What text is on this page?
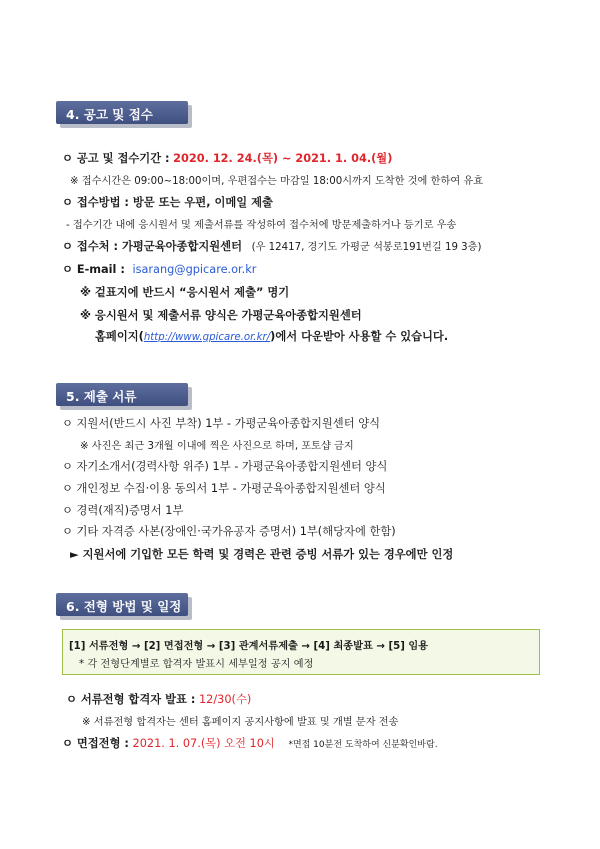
4. 공고 및 접수
ㅇ 공고 및 접수기간 : 2020. 12. 24.(목) ~ 2021. 1. 04.(월)
※ 접수시간은 09:00~18:00이며, 우편접수는 마감일 18:00시까지 도착한 것에 한하여 유효
ㅇ 접수방법 : 방문 또는 우편, 이메일 제출
- 접수기간 내에 응시원서 및 제출서류를 작성하여 접수처에 방문제출하거나 등기로 우송
ㅇ 접수처 : 가평군육아종합지원센터 (우 12417, 경기도 가평군 석봉로191번길 19 3층)
ㅇ E-mail : isarang@gpicare.or.kr
※ 겉표지에 반드시 “응시원서 제출” 명기
※ 응시원서 및 제출서류 양식은 가평군육아종합지원센터
홈페이지(http://www.gpicare.or.kr/)에서 다운받아 사용할 수 있습니다.
5. 제출 서류
ㅇ 지원서(반드시 사진 부착) 1부 - 가평군육아종합지원센터 양식
※ 사진은 최근 3개월 이내에 찍은 사진으로 하며, 포토샵 금지
ㅇ 자기소개서(경력사항 위주) 1부 - 가평군육아종합지원센터 양식
ㅇ 개인정보 수집·이용 동의서 1부 - 가평군육아종합지원센터 양식
ㅇ 경력(재직)증명서 1부
ㅇ 기타 자격증 사본(장애인·국가유공자 증명서) 1부(해당자에 한함)
► 지원서에 기입한 모든 학력 및 경력은 관련 증빙 서류가 있는 경우에만 인정
6. 전형 방법 및 일정
[1] 서류전형 → [2] 면접전형 → [3] 관계서류제출 → [4] 최종발표 → [5] 임용
* 각 전형단계별로 합격자 발표시 세부일정 공지 예정
ㅇ 서류전형 합격자 발표 : 12/30(수)
※ 서류전형 합격자는 센터 홈페이지 공지사항에 발표 및 개별 문자 전송
ㅇ 면접전형 : 2021. 1. 07.(목) 오전 10시 *면접 10분전 도착하여 신분확인바람.
